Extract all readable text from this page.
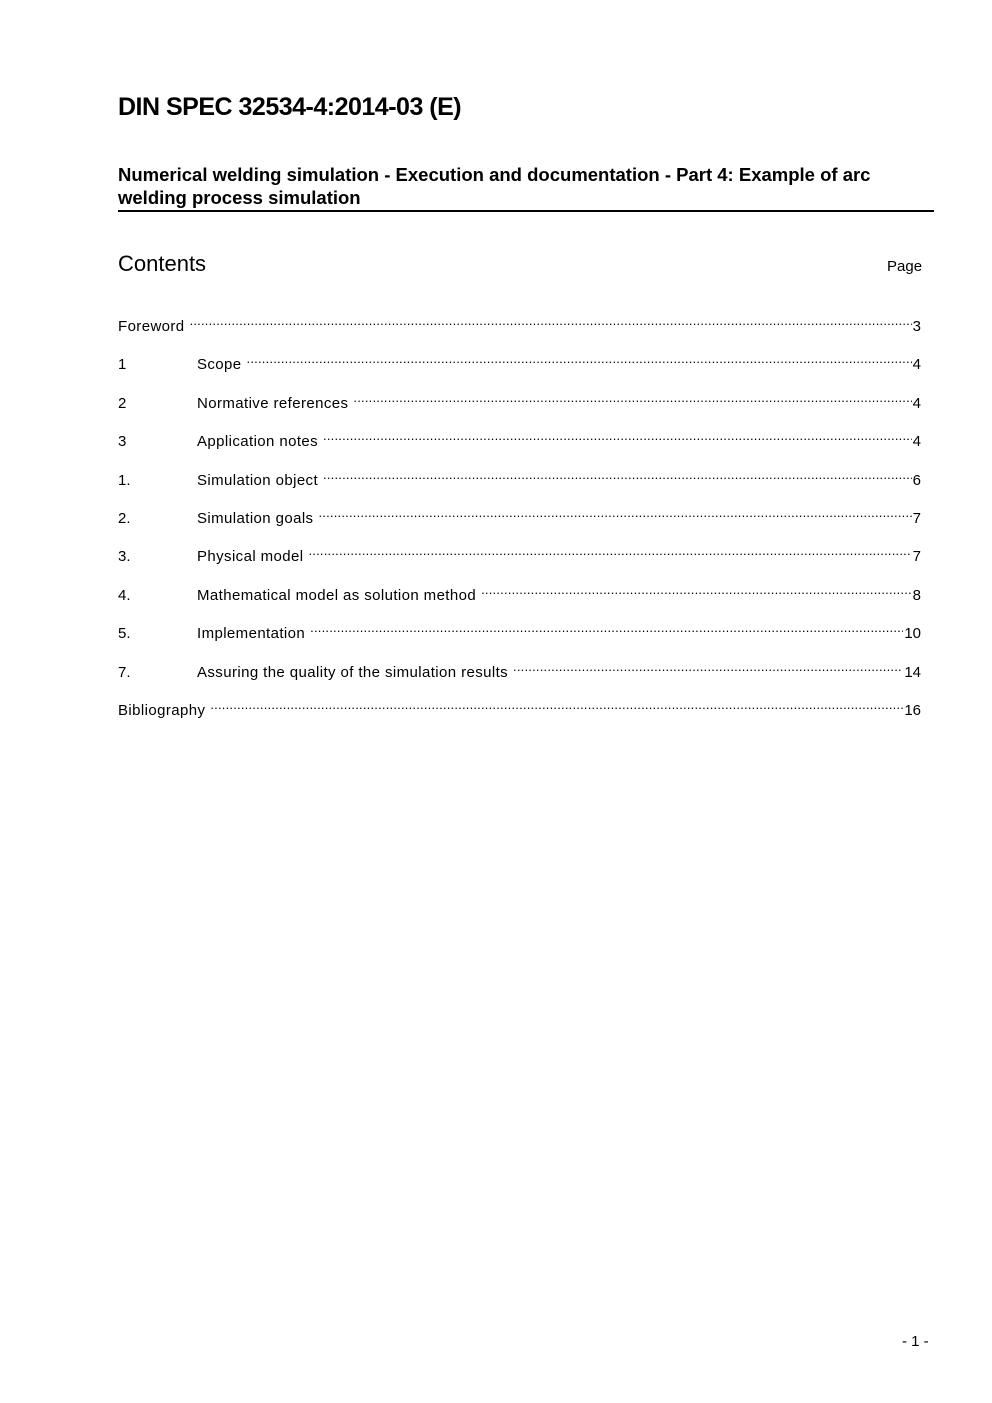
DIN SPEC 32534-4:2014-03 (E)
Numerical welding simulation - Execution and documentation - Part 4: Example of arc welding process simulation
Contents	Page
Foreword .....	3
1	Scope .....	4
2	Normative references .....	4
3	Application notes .....	4
1.	Simulation object .....	6
2.	Simulation goals .....	7
3.	Physical model .....	7
4.	Mathematical model as solution method .....	8
5.	Implementation .....	10
7.	Assuring the quality of the simulation results .....	14
Bibliography .....	16
- 1 -
